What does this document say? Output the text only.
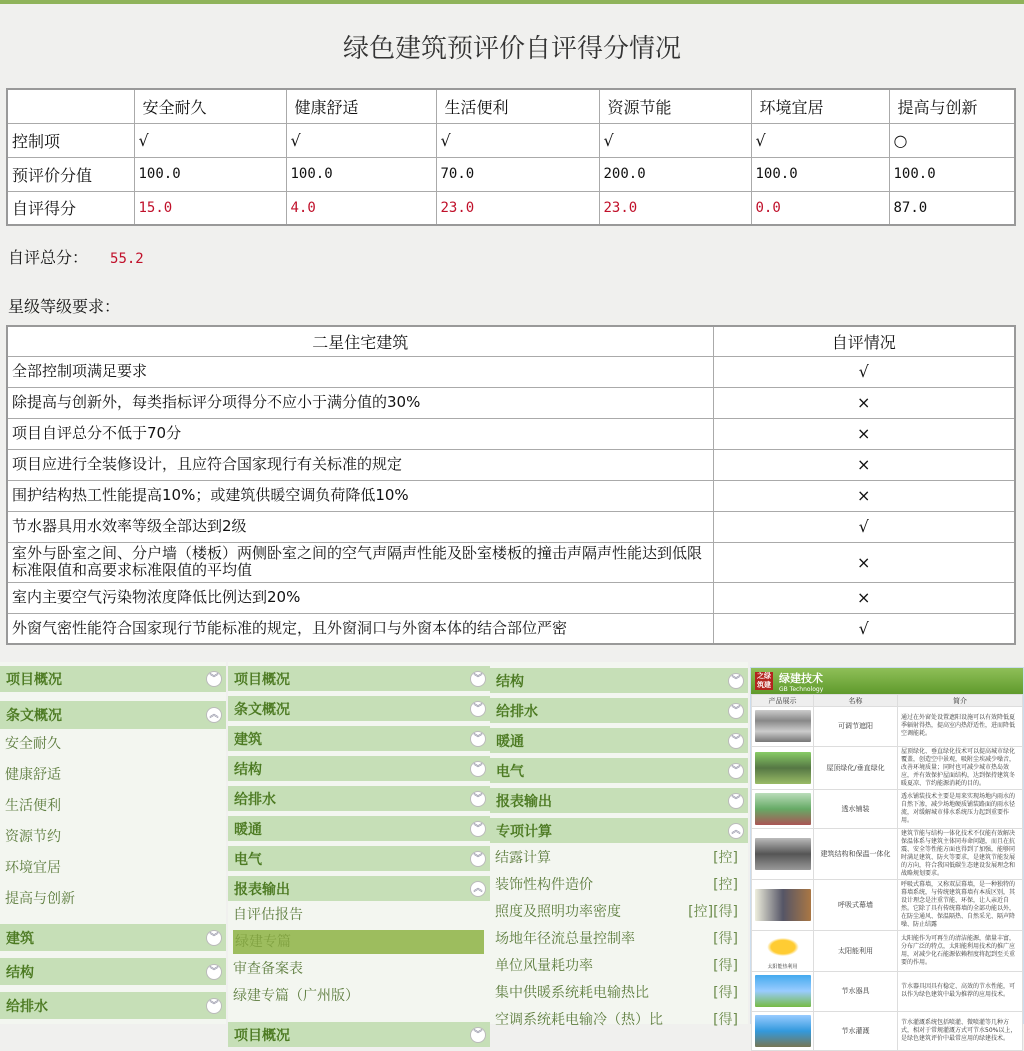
绿色建筑预评价自评得分情况
	安全耐久	健康舒适	生活便利	资源节能	环境宜居	提高与创新
控制项	√	√	√	√	√	○
预评价分值	100.0	100.0	70.0	200.0	100.0	100.0
自评得分	15.0	4.0	23.0	23.0	0.0	87.0
自评总分： 55.2
星级等级要求：
二星住宅建筑	自评情况
全部控制项满足要求	√
除提高与创新外，每类指标评分项得分不应小于满分值的30%	×
项目自评总分不低于70分	×
项目应进行全装修设计，且应符合国家现行有关标准的规定	×
围护结构热工性能提高10%；或建筑供暖空调负荷降低10%	×
节水器具用水效率等级全部达到2级	√
室外与卧室之间、分户墙（楼板）两侧卧室之间的空气声隔声性能及卧室楼板的撞击声隔声性能达到低限标准限值和高要求标准限值的平均值	×
室内主要空气污染物浓度降低比例达到20%	×
外窗气密性能符合国家现行节能标准的规定，且外窗洞口与外窗本体的结合部位严密	√
项目概况	︾
条文概况	︽
安全耐久
健康舒适
生活便利
资源节约
环境宜居
提高与创新
建筑	︾
结构	︾
给排水	︾
项目概况	︾
条文概况	︾
建筑	︾
结构	︾
给排水	︾
暖通	︾
电气	︾
报表输出	︽
自评估报告
绿建专篇
审查备案表
绿建专篇（广州版）
项目概况	︾
结构	︾
给排水	︾
暖通	︾
电气	︾
报表输出	︾
专项计算	︽
结露计算	[控]
装饰性构件造价	[控]
照度及照明功率密度	[控][得]
场地年径流总量控制率	[得]
单位风量耗功率	[得]
集中供暖系统耗电输热比	[得]
空调系统耗电输冷（热）比	[得]
之绿 筑建
绿建技术
GB Technology
产品展示	名称	简介

	可调节遮阳	通过在外窗处设置遮阳设施可以有效降低夏季辐射得热，提高室内热舒适性，进而降低空调能耗。

	屋顶绿化/垂直绿化	屋顶绿化、垂直绿化技术可以提高城市绿化覆盖，创造空中景观，吸附尘埃减少噪音，改善环境质量；同时也可减少城市热岛效应，并有效保护屋面结构，达到保持建筑冬暖夏凉、节约能源消耗的目的。

	透水铺装	透水铺装技术主要是用来实现场地内雨水的自然下渗，减少场地硬质铺装路面的雨水径流，对缓解城市排水系统压力起到重要作用。

	建筑结构和保温一体化	建筑节能与结构一体化技术不仅能有效解决保温体系与建筑主体同寿命问题，而且在抗震、安全等性能方面也得到了加强，能够同时满足建筑、防火等要求，是建筑节能发展的方向，符合我国低碳生态建设发展理念和战略规划要求。

	呼吸式幕墙	呼吸式幕墙，又称双层幕墙，是一种独特的幕墙系统，与传统建筑幕墙有本质区别，其设计理念是注重节能、环保，让人亲近自然。它除了具有传统幕墙的全部功能以外，在防尘通风、保温隔热、自然采光、隔声降噪、防止结露

太阳能热利用	太阳能利用	太阳能作为可再生的清洁能源，储量丰富，分布广泛的特点，太阳能利用技术的推广应用，对减少化石能源依赖程度将起到至关重要的作用。

	节水器具	节水器具因具有稳定、高效的节水性能，可以作为绿色建筑中最为推荐的应用技术。

	节水灌溉	节水灌溉系统包括喷灌、微喷灌等几种方式，相对于常规灌溉方式可节水50%以上，是绿色建筑评价中最常应用的绿建技术。
